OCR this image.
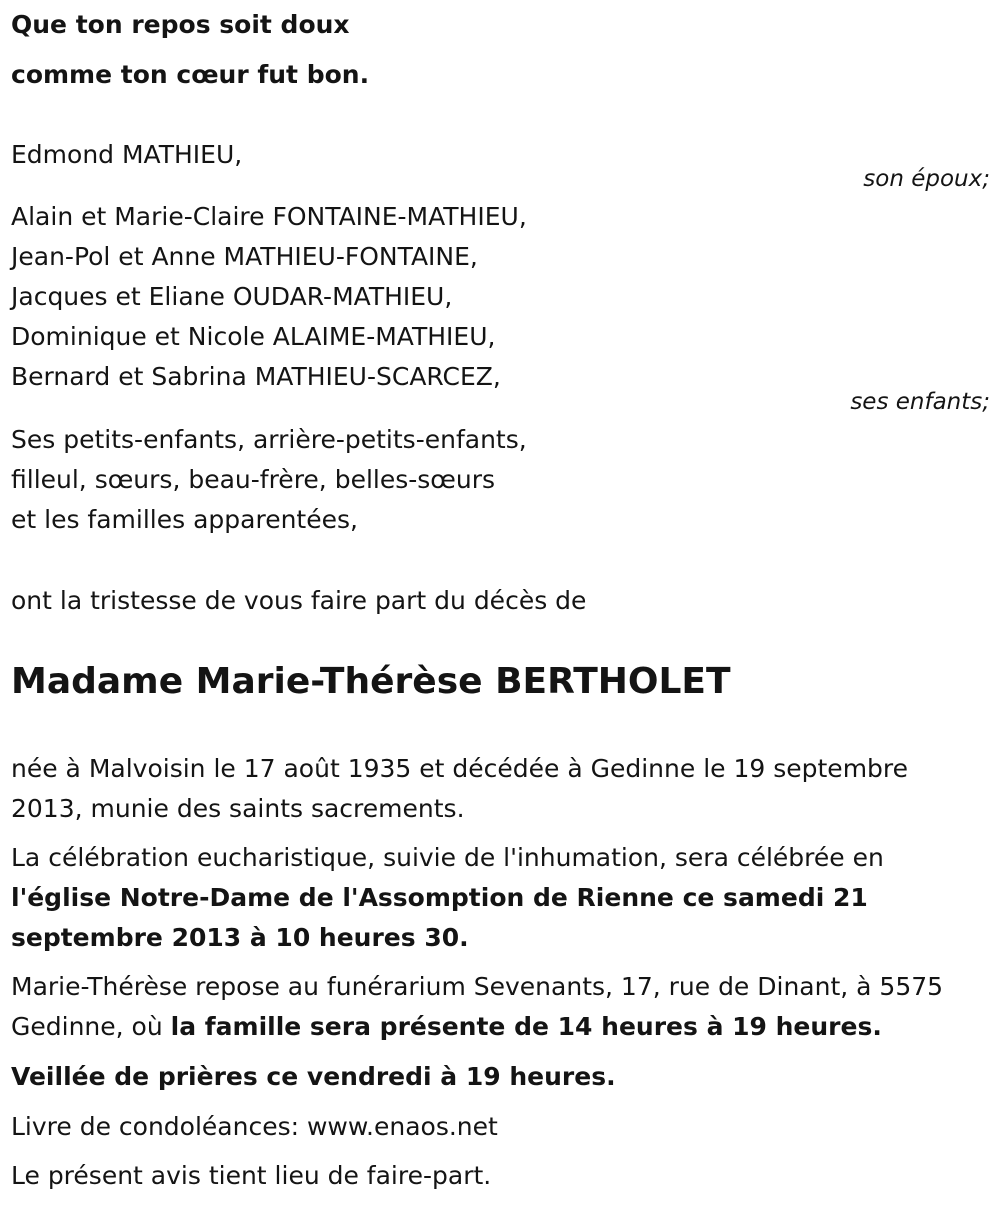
Que ton repos soit doux
comme ton cœur fut bon.
Edmond MATHIEU,
son époux;
Alain et Marie-Claire FONTAINE-MATHIEU,
Jean-Pol et Anne MATHIEU-FONTAINE,
Jacques et Eliane OUDAR-MATHIEU,
Dominique et Nicole ALAIME-MATHIEU,
Bernard et Sabrina MATHIEU-SCARCEZ,
ses enfants;
Ses petits-enfants, arrière-petits-enfants,
filleul, sœurs, beau-frère, belles-sœurs
et les familles apparentées,
ont la tristesse de vous faire part du décès de
Madame Marie-Thérèse BERTHOLET
née à Malvoisin le 17 août 1935 et décédée à Gedinne le 19 septembre
2013, munie des saints sacrements.
La célébration eucharistique, suivie de l'inhumation, sera célébrée en
l'église Notre-Dame de l'Assomption de Rienne ce samedi 21
septembre 2013 à 10 heures 30.
Marie-Thérèse repose au funérarium Sevenants, 17, rue de Dinant, à 5575
Gedinne, où la famille sera présente de 14 heures à 19 heures.
Veillée de prières ce vendredi à 19 heures.
Livre de condoléances: www.enaos.net
Le présent avis tient lieu de faire-part.
